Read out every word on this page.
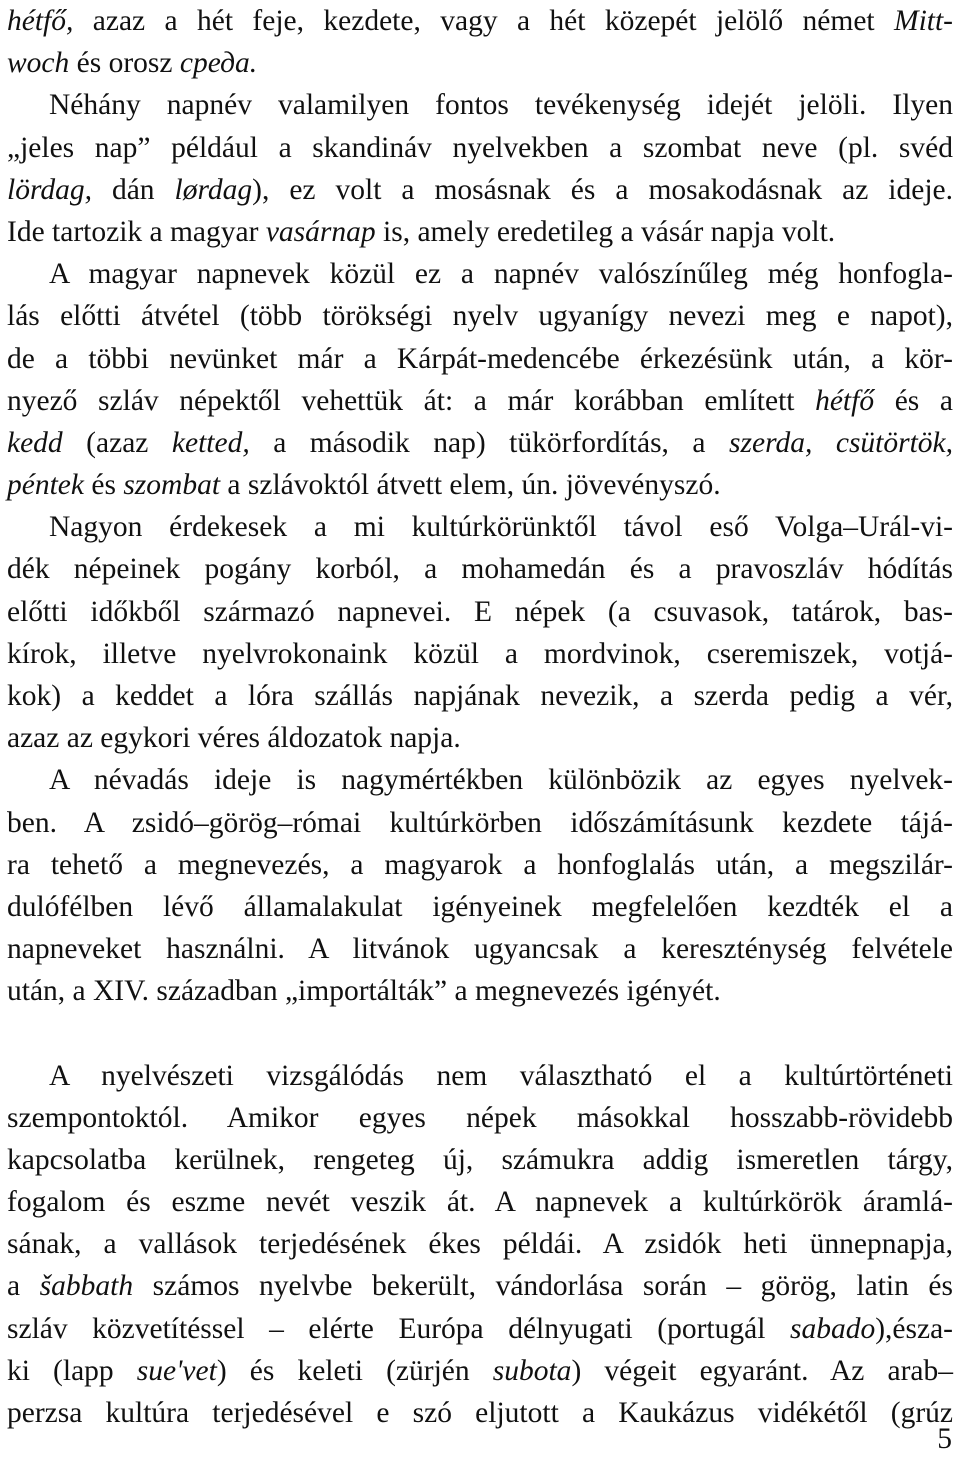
hétfő, azaz a hét feje, kezdete, vagy a hét közepét jelölő német Mitt-
woch és orosz среда.
Néhány napnév valamilyen fontos tevékenység idejét jelöli. Ilyen
„jeles nap” például a skandináv nyelvekben a szombat neve (pl. svéd
lördag, dán lørdag), ez volt a mosásnak és a mosakodásnak az ideje.
Ide tartozik a magyar vasárnap is, amely eredetileg a vásár napja volt.
A magyar napnevek közül ez a napnév valószínűleg még honfogla-
lás előtti átvétel (több törökségi nyelv ugyanígy nevezi meg e napot),
de a többi nevünket már a Kárpát-medencébe érkezésünk után, a kör-
nyező szláv népektől vehettük át: a már korábban említett hétfő és a
kedd (azaz ketted, a második nap) tükörfordítás, a szerda, csütörtök,
péntek és szombat a szlávoktól átvett elem, ún. jövevényszó.
Nagyon érdekesek a mi kultúrkörünktől távol eső Volga–Urál-vi-
dék népeinek pogány korból, a mohamedán és a pravoszláv hódítás
előtti időkből származó napnevei. E népek (a csuvasok, tatárok, bas-
kírok, illetve nyelvrokonaink közül a mordvinok, cseremiszek, votjá-
kok) a keddet a lóra szállás napjának nevezik, a szerda pedig a vér,
azaz az egykori véres áldozatok napja.
A névadás ideje is nagymértékben különbözik az egyes nyelvek-
ben. A zsidó–görög–római kultúrkörben időszámításunk kezdete tájá-
ra tehető a megnevezés, a magyarok a honfoglalás után, a megszilár-
dulófélben lévő államalakulat igényeinek megfelelően kezdték el a
napneveket használni. A litvánok ugyancsak a kereszténység felvétele
után, a XIV. században „importálták” a megnevezés igényét.
A nyelvészeti vizsgálódás nem választható el a kultúrtörténeti
szempontoktól. Amikor egyes népek másokkal hosszabb-rövidebb
kapcsolatba kerülnek, rengeteg új, számukra addig ismeretlen tárgy,
fogalom és eszme nevét veszik át. A napnevek a kultúrkörök áramlá-
sának, a vallások terjedésének ékes példái. A zsidók heti ünnepnapja,
a šabbath számos nyelvbe bekerült, vándorlása során – görög, latin és
szláv közvetítéssel – elérte Európa délnyugati (portugál sabado),észa-
ki (lapp sue'vet) és keleti (zürjén subota) végeit egyaránt. Az arab–
perzsa kultúra terjedésével e szó eljutott a Kaukázus vidékétől (grúz
5
